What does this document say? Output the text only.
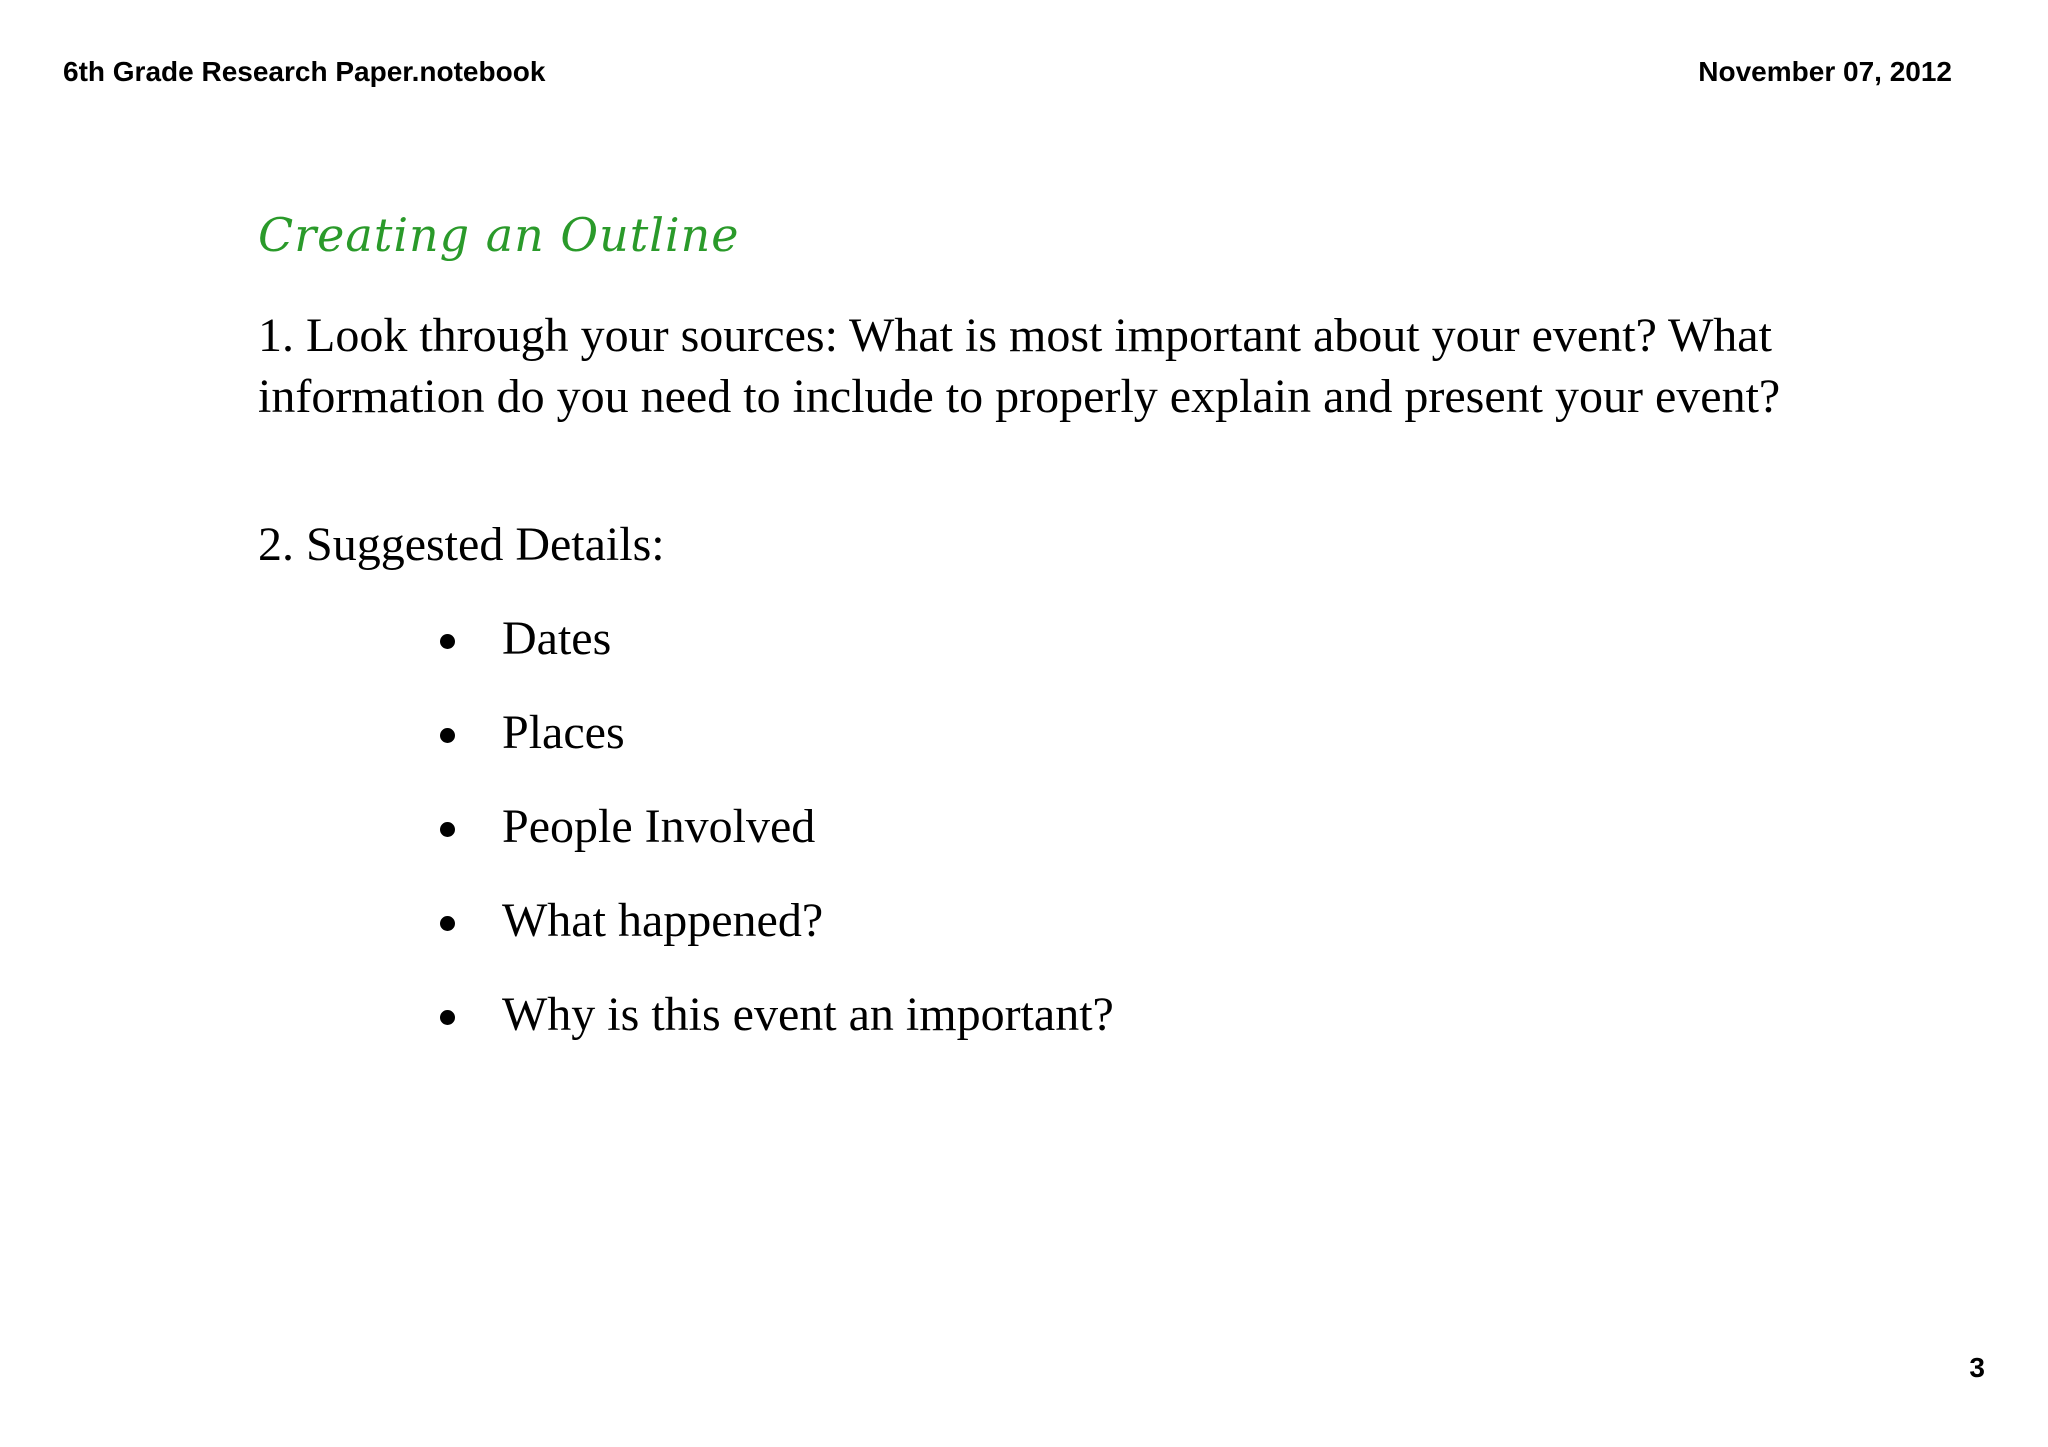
6th Grade Research Paper.notebook	November 07, 2012
Creating an Outline

1. Look through your sources: What is most important about your event? What information do you need to include to properly explain and present your event?

2. Suggested Details:

Dates
Places
People Involved
What happened?
Why is this event an important?
3
